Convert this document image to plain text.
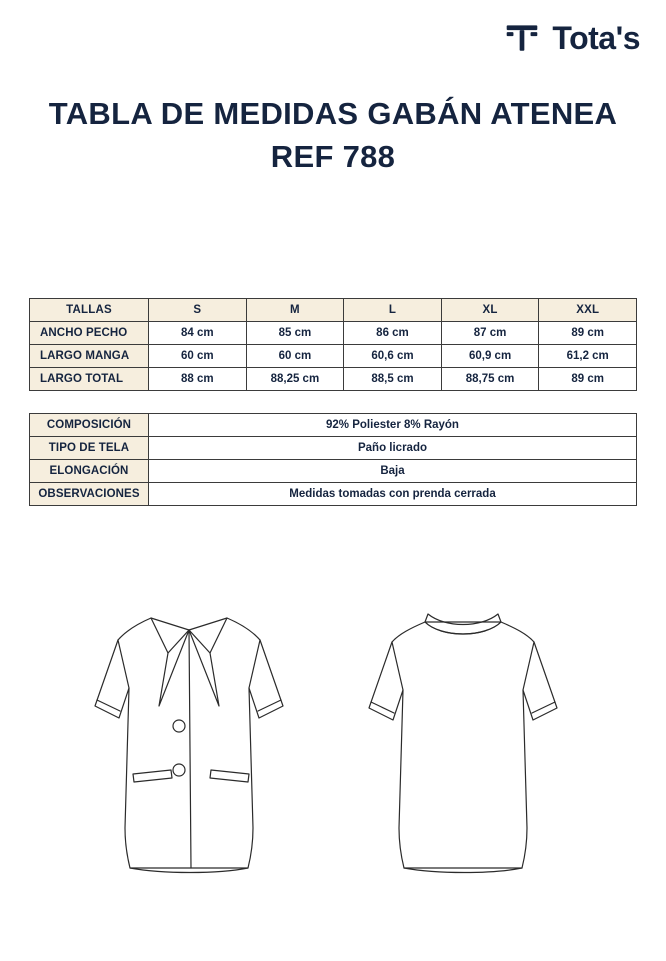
Tota's
TABLA DE MEDIDAS GABÁN ATENEA
REF 788
TALLAS	S	M	L	XL	XXL
ANCHO PECHO	84 cm	85 cm	86 cm	87 cm	89 cm
LARGO MANGA	60 cm	60 cm	60,6 cm	60,9 cm	61,2 cm
LARGO TOTAL	88 cm	88,25 cm	88,5 cm	88,75 cm	89 cm
COMPOSICIÓN	92% Poliester 8% Rayón
TIPO DE TELA	Paño licrado
ELONGACIÓN	Baja
OBSERVACIONES	Medidas tomadas con prenda cerrada
